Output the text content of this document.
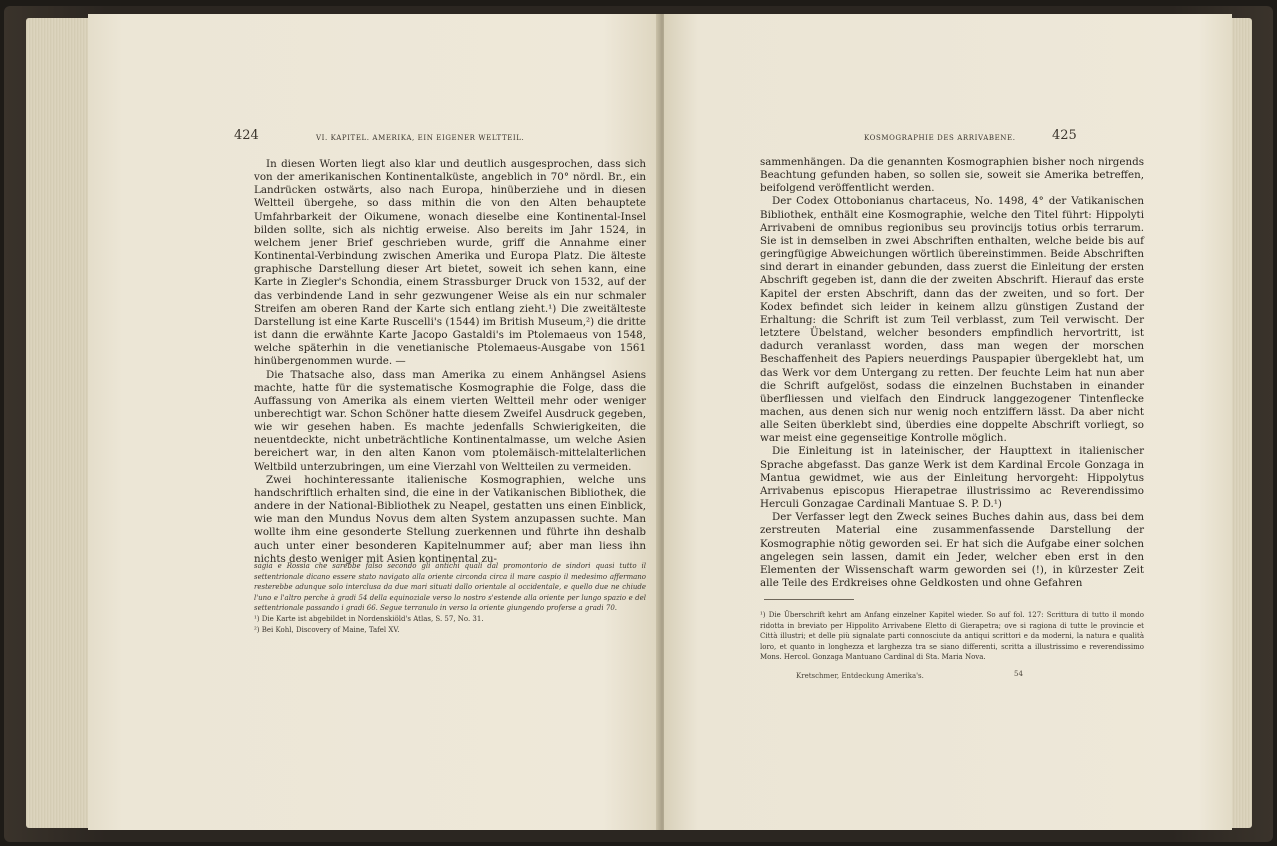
424	VI. KAPITEL. AMERIKA, EIN EIGENER WELTTEIL.

In diesen Worten liegt also klar und deutlich ausgesprochen, dass sich von der amerikanischen Kontinentalküste, angeblich in 70° nördl. Br., ein Landrücken ostwärts, also nach Europa, hinüberziehe und in diesen Weltteil übergehe, so dass mithin die von den Alten behauptete Umfahrbarkeit der Oikumene, wonach dieselbe eine Kontinental-Insel bilden sollte, sich als nichtig erweise. Also bereits im Jahr 1524, in welchem jener Brief geschrieben wurde, griff die Annahme einer Kontinental-Verbindung zwischen Amerika und Europa Platz. Die älteste graphische Darstellung dieser Art bietet, soweit ich sehen kann, eine Karte in Ziegler's Schondia, einem Strassburger Druck von 1532, auf der das verbindende Land in sehr gezwungener Weise als ein nur schmaler Streifen am oberen Rand der Karte sich entlang zieht.¹) Die zweitälteste Darstellung ist eine Karte Ruscelli's (1544) im British Museum,²) die dritte ist dann die erwähnte Karte Jacopo Gastaldi's im Ptolemaeus von 1548, welche späterhin in die venetianische Ptolemaeus-Ausgabe von 1561 hinübergenommen wurde. —

Die Thatsache also, dass man Amerika zu einem Anhängsel Asiens machte, hatte für die systematische Kosmographie die Folge, dass die Auffassung von Amerika als einem vierten Weltteil mehr oder weniger unberechtigt war. Schon Schöner hatte diesem Zweifel Ausdruck gegeben, wie wir gesehen haben. Es machte jedenfalls Schwierigkeiten, die neuentdeckte, nicht unbeträchtliche Kontinentalmasse, um welche Asien bereichert war, in den alten Kanon vom ptolemäisch-mittelalterlichen Weltbild unterzubringen, um eine Vierzahl von Weltteilen zu vermeiden.

Zwei hochinteressante italienische Kosmographien, welche uns handschriftlich erhalten sind, die eine in der Vatikanischen Bibliothek, die andere in der National-Bibliothek zu Neapel, gestatten uns einen Einblick, wie man den Mundus Novus dem alten System anzupassen suchte. Man wollte ihm eine gesonderte Stellung zuerkennen und führte ihn deshalb auch unter einer besonderen Kapitelnummer auf; aber man liess ihn nichts desto weniger mit Asien kontinental zu-

sagia e Rossia che sarebbe falso secondo gli antichi quali dal promontorio de sindori quasi tutto il settentrionale dicano essere stato navigato alla oriente circonda circa il mare caspio il medesimo affermano resterebbe adunque solo interclusa da due mari situati dallo orientale al occidentale, e quello due ne chiude l'uno e l'altro perche à gradi 54 della equinoziale verso lo nostro s'estende alla oriente per lungo spazio e del settentrionale passando i gradi 66. Segue terranulo in verso la oriente giungendo proferse a gradi 70.

¹) Die Karte ist abgebildet in Nordenskiöld's Atlas, S. 57, No. 31.

²) Bei Kohl, Discovery of Maine, Tafel XV.

KOSMOGRAPHIE DES ARRIVABENE.	425

sammenhängen. Da die genannten Kosmographien bisher noch nirgends Beachtung gefunden haben, so sollen sie, soweit sie Amerika betreffen, beifolgend veröffentlicht werden.

Der Codex Ottobonianus chartaceus, No. 1498, 4° der Vatikanischen Bibliothek, enthält eine Kosmographie, welche den Titel führt: Hippolyti Arrivabeni de omnibus regionibus seu provincijs totius orbis terrarum. Sie ist in demselben in zwei Abschriften enthalten, welche beide bis auf geringfügige Abweichungen wörtlich übereinstimmen. Beide Abschriften sind derart in einander gebunden, dass zuerst die Einleitung der ersten Abschrift gegeben ist, dann die der zweiten Abschrift. Hierauf das erste Kapitel der ersten Abschrift, dann das der zweiten, und so fort. Der Kodex befindet sich leider in keinem allzu günstigen Zustand der Erhaltung: die Schrift ist zum Teil verblasst, zum Teil verwischt. Der letztere Übelstand, welcher besonders empfindlich hervortritt, ist dadurch veranlasst worden, dass man wegen der morschen Beschaffenheit des Papiers neuerdings Pauspapier übergeklebt hat, um das Werk vor dem Untergang zu retten. Der feuchte Leim hat nun aber die Schrift aufgelöst, sodass die einzelnen Buchstaben in einander überfliessen und vielfach den Eindruck langgezogener Tintenflecke machen, aus denen sich nur wenig noch entziffern lässt. Da aber nicht alle Seiten überklebt sind, überdies eine doppelte Abschrift vorliegt, so war meist eine gegenseitige Kontrolle möglich.

Die Einleitung ist in lateinischer, der Haupttext in italienischer Sprache abgefasst. Das ganze Werk ist dem Kardinal Ercole Gonzaga in Mantua gewidmet, wie aus der Einleitung hervorgeht: Hippolytus Arrivabenus episcopus Hierapetrae illustrissimo ac Reverendissimo Herculi Gonzagae Cardinali Mantuae S. P. D.¹)

Der Verfasser legt den Zweck seines Buches dahin aus, dass bei dem zerstreuten Material eine zusammenfassende Darstellung der Kosmographie nötig geworden sei. Er hat sich die Aufgabe einer solchen angelegen sein lassen, damit ein Jeder, welcher eben erst in den Elementen der Wissenschaft warm geworden sei (!), in kürzester Zeit alle Teile des Erdkreises ohne Geldkosten und ohne Gefahren

¹) Die Überschrift kehrt am Anfang einzelner Kapitel wieder. So auf fol. 127: Scrittura di tutto il mondo ridotta in breviato per Hippolito Arrivabene Eletto di Gierapetra; ove si ragiona di tutte le provincie et Città illustri; et delle più signalate parti connosciute da antiqui scrittori e da moderni, la natura e qualità loro, et quanto in longhezza et larghezza tra se siano differenti, scritta a illustrissimo e reverendissimo Mons. Hercol. Gonzaga Mantuano Cardinal di Sta. Maria Nova.

Kretschmer, Entdeckung Amerika's.	54
